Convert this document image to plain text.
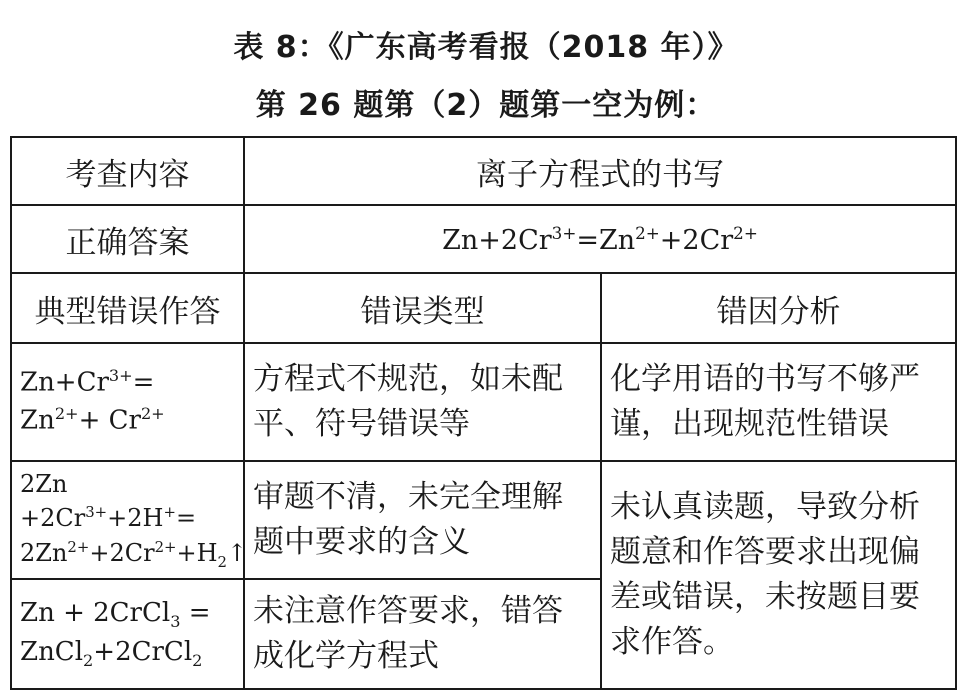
表 8：《广东高考看报（2018 年）》
第 26 题第（2）题第一空为例：
考查内容	离子方程式的书写	
正确答案	$Zn+2Cr^{3+}=Zn^{2+}+2Cr^{2+}$
典型错误作答	错误类型	错因分析
$Zn+Cr^{3+}= Zn^{2+}+ Cr^{2+}$	方程式不规范，如未配平、符号错误等	化学用语的书写不够严谨，出现规范性错误
$2Zn +2Cr^{3+}+2H^+=$ $2Zn^{2+}+2Cr^{2+}+H_2↑$	审题不清，未完全理解题中要求的含义	未认真读题，导致分析题意和作答要求出现偏差或错误，未按题目要求作答。
Zn + 2CrCl$_3$ = ZnCl$_2$+2CrCl$_2$	未注意作答要求，错答成化学方程式	
